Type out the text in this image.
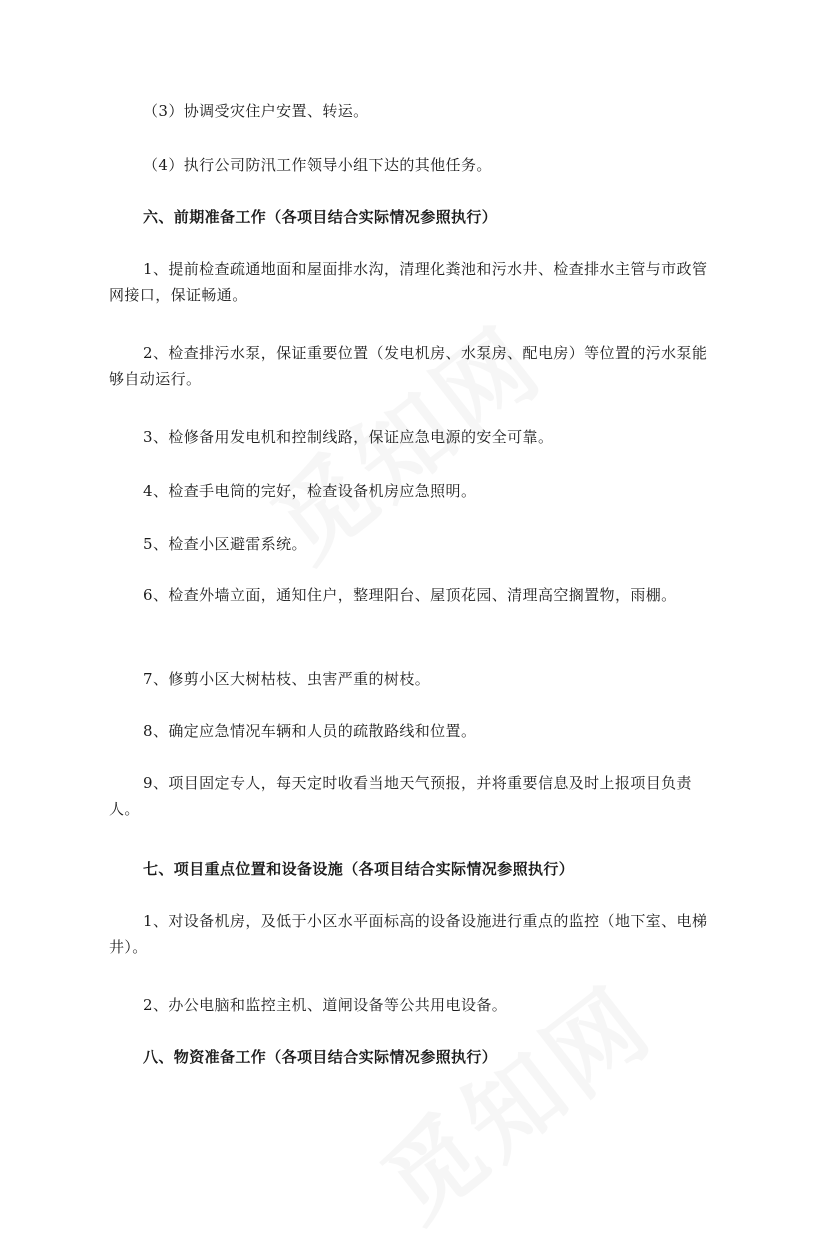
（3）协调受灾住户安置、转运。

（4）执行公司防汛工作领导小组下达的其他任务。

六、前期准备工作（各项目结合实际情况参照执行）

1、提前检查疏通地面和屋面排水沟，清理化粪池和污水井、检查排水主管与市政管网接口，保证畅通。

2、检查排污水泵，保证重要位置（发电机房、水泵房、配电房）等位置的污水泵能够自动运行。

3、检修备用发电机和控制线路，保证应急电源的安全可靠。

4、检查手电筒的完好，检查设备机房应急照明。

5、检查小区避雷系统。

6、检查外墙立面，通知住户，整理阳台、屋顶花园、清理高空搁置物，雨棚。

7、修剪小区大树枯枝、虫害严重的树枝。

8、确定应急情况车辆和人员的疏散路线和位置。

9、项目固定专人，每天定时收看当地天气预报，并将重要信息及时上报项目负责人。

七、项目重点位置和设备设施（各项目结合实际情况参照执行）

1、对设备机房，及低于小区水平面标高的设备设施进行重点的监控（地下室、电梯井）。

2、办公电脑和监控主机、道闸设备等公共用电设备。

八、物资准备工作（各项目结合实际情况参照执行）
